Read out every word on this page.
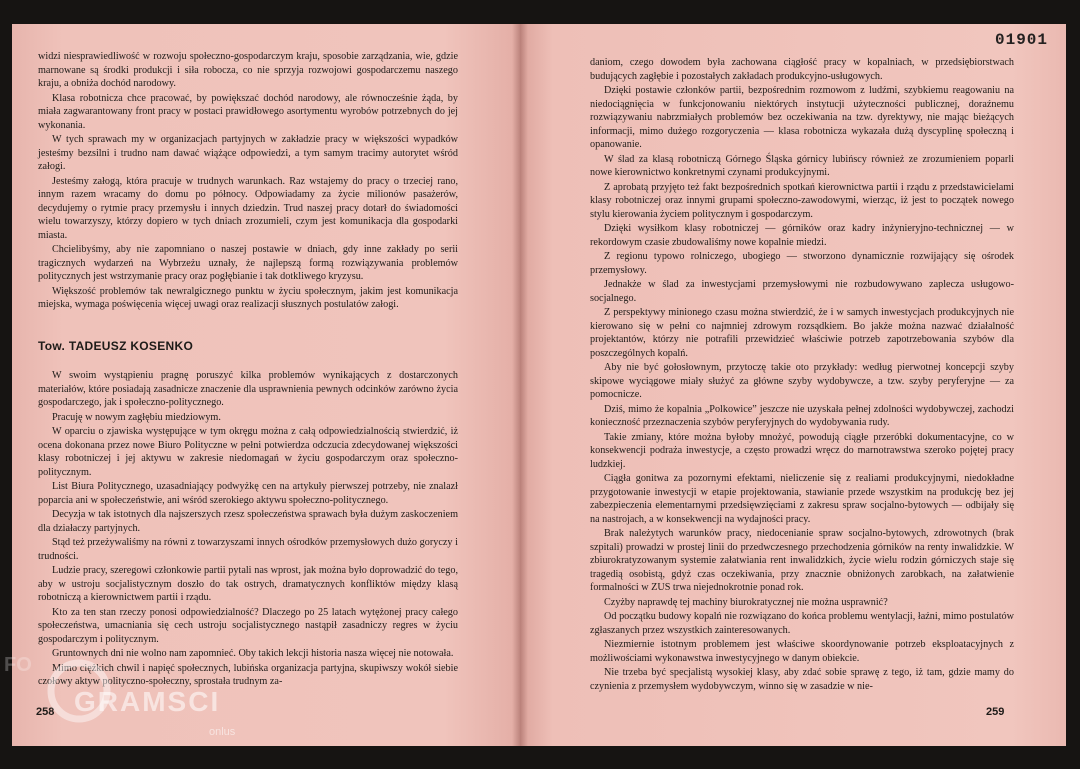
widzi niesprawiedliwość w rozwoju społeczno-gospodarczym kraju, sposobie zarządzania, wie, gdzie marnowane są środki produkcji i siła robocza, co nie sprzyja rozwojowi gospodarczemu naszego kraju, a obniża dochód narodowy.

Klasa robotnicza chce pracować, by powiększać dochód narodowy, ale równocześnie żąda, by miała zagwarantowany front pracy w postaci prawidłowego asortymentu wyrobów potrzebnych do jej wykonania.

W tych sprawach my w organizacjach partyjnych w zakładzie pracy w większości wypadków jesteśmy bezsilni i trudno nam dawać wiążące odpowiedzi, a tym samym tracimy autorytet wśród załogi.

Jesteśmy załogą, która pracuje w trudnych warunkach. Raz wstajemy do pracy o trzeciej rano, innym razem wracamy do domu po północy. Odpowiadamy za życie milionów pasażerów, decydujemy o rytmie pracy przemysłu i innych dziedzin. Trud naszej pracy dotarł do świadomości wielu towarzyszy, którzy dopiero w tych dniach zrozumieli, czym jest komunikacja dla gospodarki miasta.

Chcielibyśmy, aby nie zapomniano o naszej postawie w dniach, gdy inne zakłady po serii tragicznych wydarzeń na Wybrzeżu uznały, że najlepszą formą rozwiązywania problemów politycznych jest wstrzymanie pracy oraz pogłębianie i tak dotkliwego kryzysu.

Większość problemów tak newralgicznego punktu w życiu społecznym, jakim jest komunikacja miejska, wymaga poświęcenia więcej uwagi oraz realizacji słusznych postulatów załogi.

Tow. TADEUSZ KOSENKO

W swoim wystąpieniu pragnę poruszyć kilka problemów wynikających z dostarczonych materiałów, które posiadają zasadnicze znaczenie dla usprawnienia pewnych odcinków zarówno życia gospodarczego, jak i społeczno-politycznego.

Pracuję w nowym zagłębiu miedziowym.

W oparciu o zjawiska występujące w tym okręgu można z całą odpowiedzialnością stwierdzić, iż ocena dokonana przez nowe Biuro Polityczne w pełni potwierdza odczucia zdecydowanej większości klasy robotniczej i jej aktywu w zakresie niedomagań w życiu gospodarczym oraz społeczno-politycznym.

List Biura Politycznego, uzasadniający podwyżkę cen na artykuły pierwszej potrzeby, nie znalazł poparcia ani w społeczeństwie, ani wśród szerokiego aktywu społeczno-politycznego.

Decyzja w tak istotnych dla najszerszych rzesz społeczeństwa sprawach była dużym zaskoczeniem dla działaczy partyjnych.

Stąd też przeżywaliśmy na równi z towarzyszami innych ośrodków przemysłowych dużo goryczy i trudności.

Ludzie pracy, szeregowi członkowie partii pytali nas wprost, jak można było doprowadzić do tego, aby w ustroju socjalistycznym doszło do tak ostrych, dramatycznych konfliktów między klasą robotniczą a kierownictwem partii i rządu.

Kto za ten stan rzeczy ponosi odpowiedzialność? Dlaczego po 25 latach wytężonej pracy całego społeczeństwa, umacniania się cech ustroju socjalistycznego nastąpił zasadniczy regres w życiu gospodarczym i politycznym.

Gruntownych dni nie wolno nam zapomnieć. Oby takich lekcji historia nasza więcej nie notowała.

Mimo ciężkich chwil i napięć społecznych, lubińska organizacja partyjna, skupiwszy wokół siebie czołowy aktyw polityczno-społeczny, sprostała trudnym za-

258

daniom, czego dowodem była zachowana ciągłość pracy w kopalniach, w przedsiębiorstwach budujących zagłębie i pozostałych zakładach produkcyjno-usługowych.

Dzięki postawie członków partii, bezpośrednim rozmowom z ludźmi, szybkiemu reagowaniu na niedociągnięcia w funkcjonowaniu niektórych instytucji użyteczności publicznej, doraźnemu rozwiązywaniu nabrzmiałych problemów bez oczekiwania na tzw. dyrektywy, nie mając bieżących informacji, mimo dużego rozgoryczenia — klasa robotnicza wykazała dużą dyscyplinę społeczną i opanowanie.

W ślad za klasą robotniczą Górnego Śląska górnicy lubińscy również ze zrozumieniem poparli nowe kierownictwo konkretnymi czynami produkcyjnymi.

Z aprobatą przyjęto też fakt bezpośrednich spotkań kierownictwa partii i rządu z przedstawicielami klasy robotniczej oraz innymi grupami społeczno-zawodowymi, wierząc, iż jest to początek nowego stylu kierowania życiem politycznym i gospodarczym.

Dzięki wysiłkom klasy robotniczej — górników oraz kadry inżynieryjno-technicznej — w rekordowym czasie zbudowaliśmy nowe kopalnie miedzi.

Z regionu typowo rolniczego, ubogiego — stworzono dynamicznie rozwijający się ośrodek przemysłowy.

Jednakże w ślad za inwestycjami przemysłowymi nie rozbudowywano zaplecza usługowo-socjalnego.

Z perspektywy minionego czasu można stwierdzić, że i w samych inwestycjach produkcyjnych nie kierowano się w pełni co najmniej zdrowym rozsądkiem. Bo jakże można nazwać działalność projektantów, którzy nie potrafili przewidzieć właściwie potrzeb zapotrzebowania szybów dla poszczególnych kopalń.

Aby nie być gołosłownym, przytoczę takie oto przykłady: według pierwotnej koncepcji szyby skipowe wyciągowe miały służyć za główne szyby wydobywcze, a tzw. szyby peryferyjne — za pomocnicze.

Dziś, mimo że kopalnia „Polkowice” jeszcze nie uzyskała pełnej zdolności wydobywczej, zachodzi konieczność przeznaczenia szybów peryferyjnych do wydobywania rudy.

Takie zmiany, które można byłoby mnożyć, powodują ciągłe przeróbki dokumentacyjne, co w konsekwencji podraża inwestycje, a często prowadzi wręcz do marnotrawstwa szeroko pojętej pracy ludzkiej.

Ciągła gonitwa za pozornymi efektami, nieliczenie się z realiami produkcyjnymi, niedokładne przygotowanie inwestycji w etapie projektowania, stawianie przede wszystkim na produkcję bez jej zabezpieczenia elementarnymi przedsięwzięciami z zakresu spraw socjalno-bytowych — odbijały się na nastrojach, a w konsekwencji na wydajności pracy.

Brak należytych warunków pracy, niedocenianie spraw socjalno-bytowych, zdrowotnych (brak szpitali) prowadzi w prostej linii do przedwczesnego przechodzenia górników na renty inwalidzkie. W zbiurokratyzowanym systemie załatwiania rent inwalidzkich, życie wielu rodzin górniczych staje się tragedią osobistą, gdyż czas oczekiwania, przy znacznie obniżonych zarobkach, na załatwienie formalności w ZUS trwa niejednokrotnie ponad rok.

Czyżby naprawdę tej machiny biurokratycznej nie można usprawnić?

Od początku budowy kopalń nie rozwiązano do końca problemu wentylacji, łaźni, mimo postulatów zgłaszanych przez wszystkich zainteresowanych.

Niezmiernie istotnym problemem jest właściwe skoordynowanie potrzeb eksploatacyjnych z możliwościami wykonawstwa inwestycyjnego w danym obiekcie.

Nie trzeba być specjalistą wysokiej klasy, aby zdać sobie sprawę z tego, iż tam, gdzie mamy do czynienia z przemysłem wydobywczym, winno się w zasadzie w nie-

01901
259
FO
GRAMSCI
onlus
